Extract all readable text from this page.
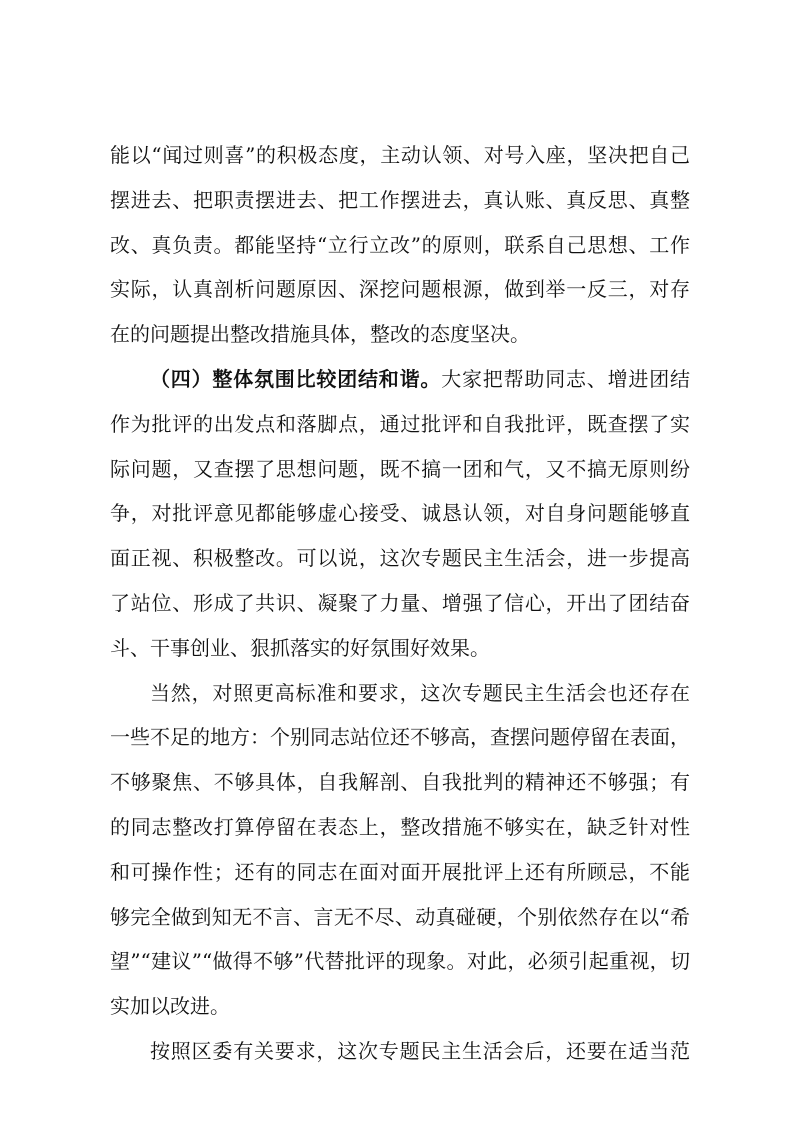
能以“闻过则喜”的积极态度，主动认领、对号入座，坚决把自己
摆进去、把职责摆进去、把工作摆进去，真认账、真反思、真整
改、真负责。都能坚持“立行立改”的原则，联系自己思想、工作
实际，认真剖析问题原因、深挖问题根源，做到举一反三，对存
在的问题提出整改措施具体，整改的态度坚决。
（四）整体氛围比较团结和谐。大家把帮助同志、增进团结
作为批评的出发点和落脚点，通过批评和自我批评，既查摆了实
际问题，又查摆了思想问题，既不搞一团和气，又不搞无原则纷
争，对批评意见都能够虚心接受、诚恳认领，对自身问题能够直
面正视、积极整改。可以说，这次专题民主生活会，进一步提高
了站位、形成了共识、凝聚了力量、增强了信心，开出了团结奋
斗、干事创业、狠抓落实的好氛围好效果。
当然，对照更高标准和要求，这次专题民主生活会也还存在
一些不足的地方：个别同志站位还不够高，查摆问题停留在表面，
不够聚焦、不够具体，自我解剖、自我批判的精神还不够强；有
的同志整改打算停留在表态上，整改措施不够实在，缺乏针对性
和可操作性；还有的同志在面对面开展批评上还有所顾忌，不能
够完全做到知无不言、言无不尽、动真碰硬，个别依然存在以“希
望”“建议”“做得不够”代替批评的现象。对此，必须引起重视，切
实加以改进。
按照区委有关要求，这次专题民主生活会后，还要在适当范
